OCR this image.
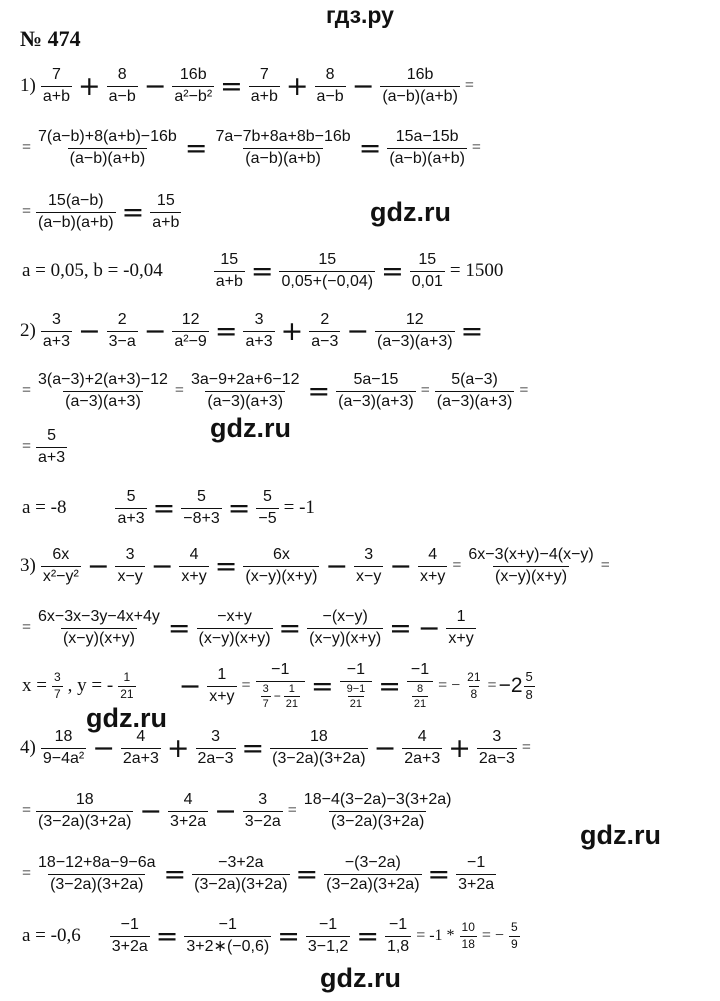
гдз.ру
№ 474
gdz.ru
gdz.ru
gdz.ru
gdz.ru
gdz.ru
$1) \frac{7}{a+b} + \frac{8}{a-b} - \frac{16b}{\text{a²−b²}} = \frac{7}{a+b} + \frac{8}{a-b} - \frac{16b}{(a-b)(a+b)}$ =
= $\frac{7(a-b)+8(a+b)-16b}{(a-b)(a+b)} = \frac{7a-7b+8a+8b-16b}{(a-b)(a+b)} = \frac{15a-15b}{(a-b)(a+b)}$ =
= $\frac{15(a-b)}{(a-b)(a+b)} = \frac{15}{a+b}$
a = 0,05, b = -0,04	$\frac{15}{a+b} = \frac{15}{0,05+(-0,04)} = \frac{15}{0,01} = 1500$
$2) \frac{3}{a+3} - \frac{2}{3-a} - \frac{12}{\text{a²−9}} = \frac{3}{a+3} + \frac{2}{a-3} - \frac{12}{(a-3)(a+3)}$ =
= $\frac{3(a-3)+2(a+3)-12}{(a-3)(a+3)} = \frac{3a-9+2a+6-12}{(a-3)(a+3)} = \frac{5a-15}{(a-3)(a+3)} = \frac{5(a-3)}{(a-3)(a+3)}$ =
= $\frac{5}{a+3}$
a = -8	$\frac{5}{a+3} = \frac{5}{-8+3} = \frac{5}{-5} = -1$
$3) \frac{6x}{\text{x²−y²}} - \frac{3}{x-y} - \frac{4}{x+y} = \frac{6x}{(x-y)(x+y)} - \frac{3}{x-y} - \frac{4}{x+y} = \frac{6x-3(x+y)-4(x-y)}{(x-y)(x+y)}$ =
= $\frac{6x-3x-3y-4x+4y}{(x-y)(x+y)} = \frac{-x+y}{(x-y)(x+y)} = \frac{-(x-y)}{(x-y)(x+y)}$ = − $\frac{1}{x+y}$
$x = \frac{3}{7}$ , y = - $\frac{1}{21} - \frac{1}{x+y} = \frac{-1}{\frac{3}{7} - \frac{1}{21}} = \frac{-1}{\frac{9-1}{21}} = \frac{-1}{\frac{8}{21}}$ = − $\frac{21}{8} = -2 \frac{5}{8}$
$4) \frac{18}{\text{9−4a²}} - \frac{4}{2a+3} + \frac{3}{2a-3} = \frac{18}{(3-2a)(3+2a)} - \frac{4}{2a+3} + \frac{3}{2a-3}$ =
= $\frac{18}{(3-2a)(3+2a)} - \frac{4}{3+2a} - \frac{3}{3-2a} = \frac{18-4(3-2a)-3(3+2a)}{(3-2a)(3+2a)}$
= $\frac{18-12+8a-9-6a}{(3-2a)(3+2a)} = \frac{-3+2a}{(3-2a)(3+2a)} = \frac{-(3-2a)}{(3-2a)(3+2a)} = \frac{-1}{3+2a}$
$a = -0,6 \frac{-1}{3+2a} = \frac{-1}{3+2∗(-0,6)} = \frac{-1}{3-1,2} = \frac{-1}{1,8} = -1 * \frac{10}{18}$ = − $\frac{5}{9}$
